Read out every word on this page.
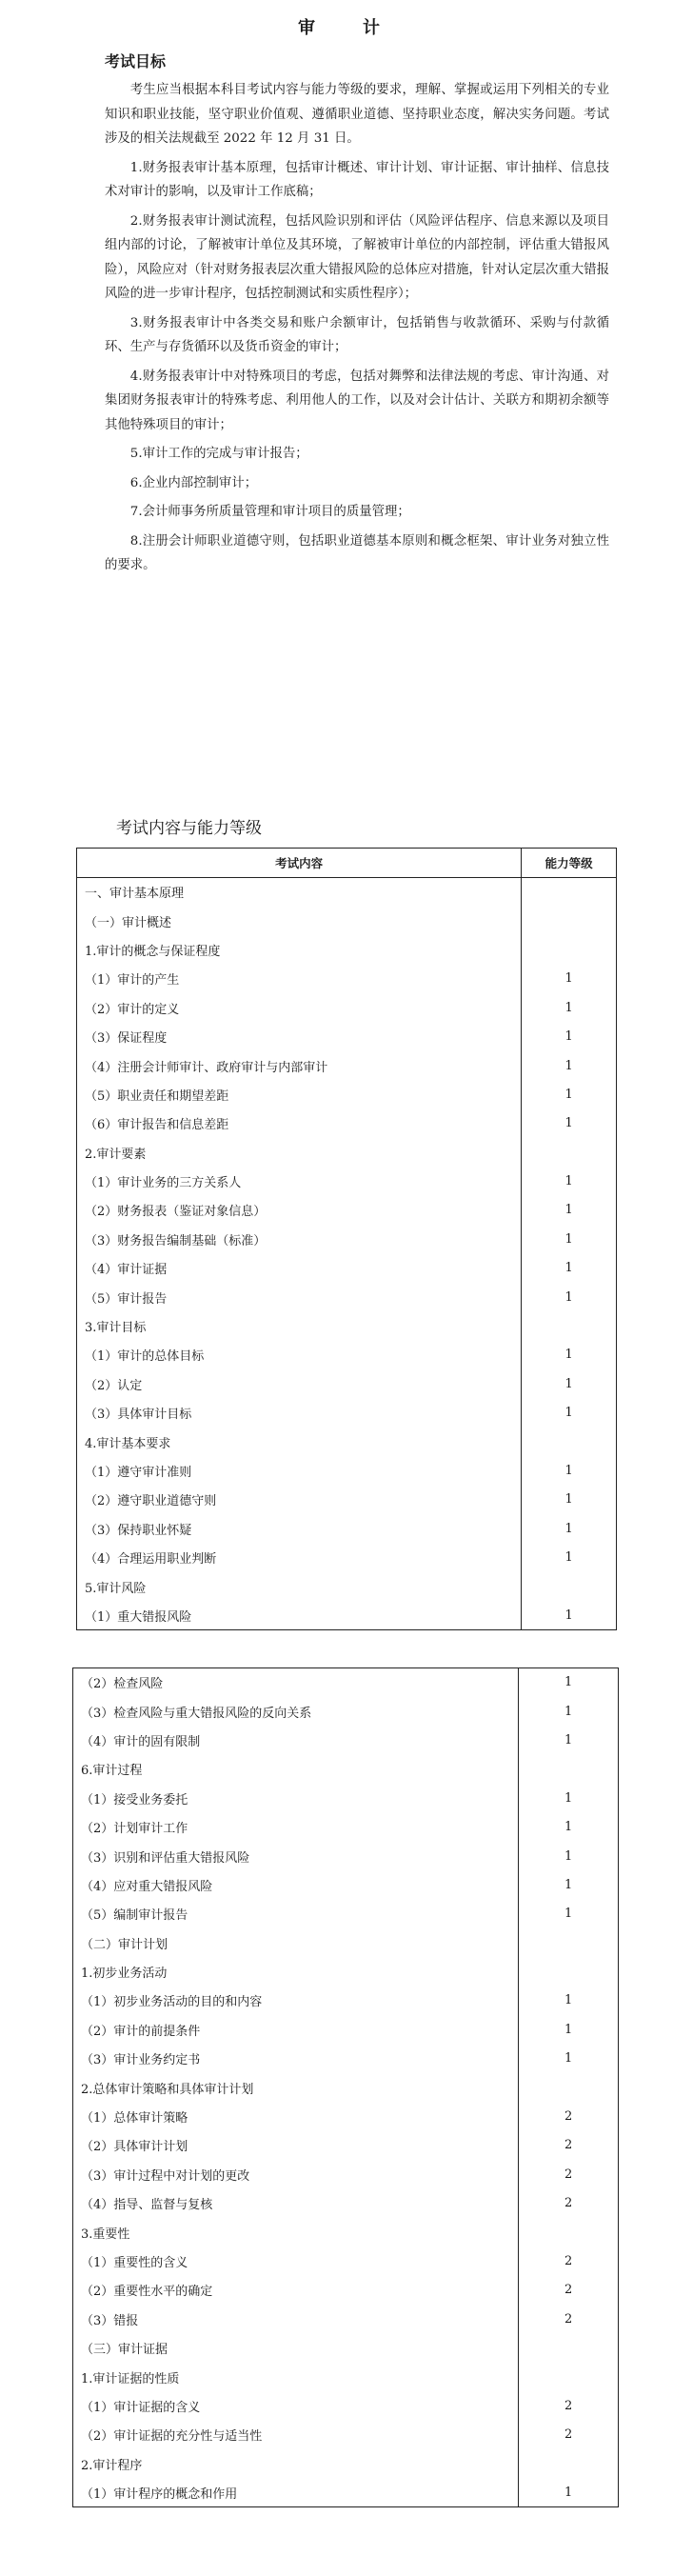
审　计
考试目标

考生应当根据本科目考试内容与能力等级的要求，理解、掌握或运用下列相关的专业知识和职业技能，坚守职业价值观、遵循职业道德、坚持职业态度，解决实务问题。考试涉及的相关法规截至 2022 年 12 月 31 日。

1.财务报表审计基本原理，包括审计概述、审计计划、审计证据、审计抽样、信息技术对审计的影响，以及审计工作底稿；

2.财务报表审计测试流程，包括风险识别和评估（风险评估程序、信息来源以及项目组内部的讨论，了解被审计单位及其环境，了解被审计单位的内部控制，评估重大错报风险），风险应对（针对财务报表层次重大错报风险的总体应对措施，针对认定层次重大错报风险的进一步审计程序，包括控制测试和实质性程序）；

3.财务报表审计中各类交易和账户余额审计，包括销售与收款循环、采购与付款循环、生产与存货循环以及货币资金的审计；

4.财务报表审计中对特殊项目的考虑，包括对舞弊和法律法规的考虑、审计沟通、对集团财务报表审计的特殊考虑、利用他人的工作，以及对会计估计、关联方和期初余额等其他特殊项目的审计；

5.审计工作的完成与审计报告；

6.企业内部控制审计；

7.会计师事务所质量管理和审计项目的质量管理；

8.注册会计师职业道德守则，包括职业道德基本原则和概念框架、审计业务对独立性的要求。

考试内容与能力等级
考试内容	能力等级
一、审计基本原理	
（一）审计概述	
1.审计的概念与保证程度	
（1）审计的产生	1
（2）审计的定义	1
（3）保证程度	1
（4）注册会计师审计、政府审计与内部审计	1
（5）职业责任和期望差距	1
（6）审计报告和信息差距	1
2.审计要素	
（1）审计业务的三方关系人	1
（2）财务报表（鉴证对象信息）	1
（3）财务报告编制基础（标准）	1
（4）审计证据	1
（5）审计报告	1
3.审计目标	
（1）审计的总体目标	1
（2）认定	1
（3）具体审计目标	1
4.审计基本要求	
（1）遵守审计准则	1
（2）遵守职业道德守则	1
（3）保持职业怀疑	1
（4）合理运用职业判断	1
5.审计风险	
（1）重大错报风险	1
（2）检查风险	1
（3）检查风险与重大错报风险的反向关系	1
（4）审计的固有限制	1
6.审计过程	
（1）接受业务委托	1
（2）计划审计工作	1
（3）识别和评估重大错报风险	1
（4）应对重大错报风险	1
（5）编制审计报告	1
（二）审计计划	
1.初步业务活动	
（1）初步业务活动的目的和内容	1
（2）审计的前提条件	1
（3）审计业务约定书	1
2.总体审计策略和具体审计计划	
（1）总体审计策略	2
（2）具体审计计划	2
（3）审计过程中对计划的更改	2
（4）指导、监督与复核	2
3.重要性	
（1）重要性的含义	2
（2）重要性水平的确定	2
（3）错报	2
（三）审计证据	
1.审计证据的性质	
（1）审计证据的含义	2
（2）审计证据的充分性与适当性	2
2.审计程序	
（1）审计程序的概念和作用	1
